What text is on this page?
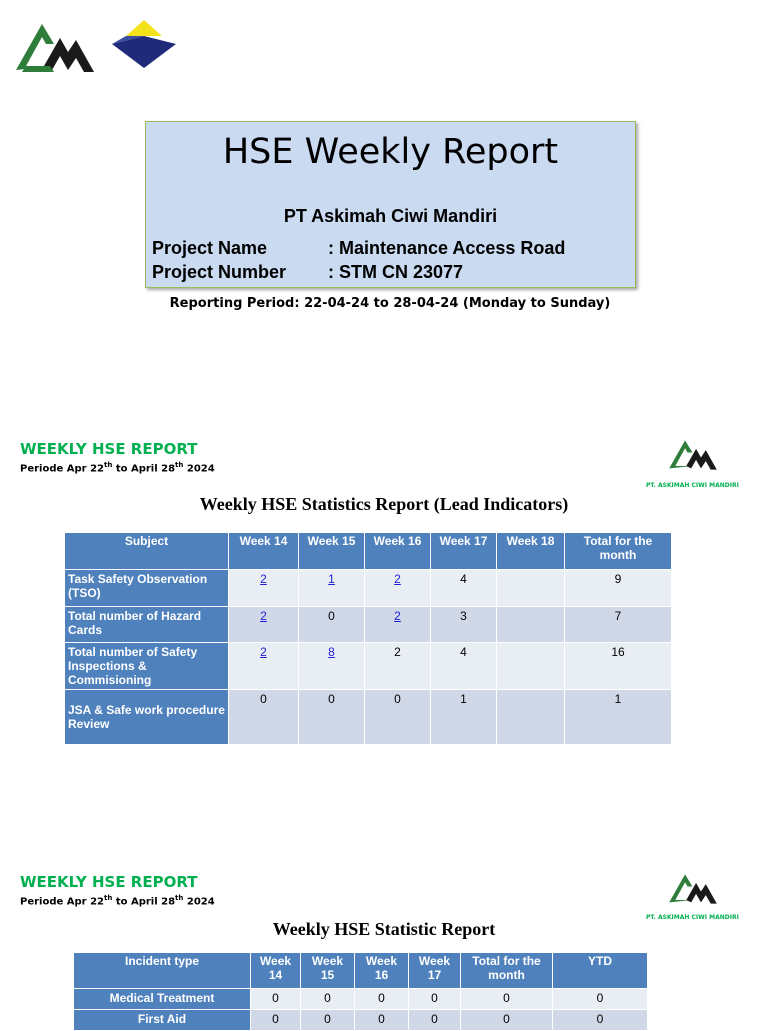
HSE Weekly Report
PT Askimah Ciwi Mandiri
Project Name	: Maintenance Access Road
Project Number : STM CN 23077
Reporting Period: 22-04-24 to 28-04-24 (Monday to Sunday)
WEEKLY HSE REPORT
Periode Apr 22th to April 28th 2024
PT. ASKIMAH CIWI MANDIRI
Weekly HSE Statistics Report (Lead Indicators)
Subject	Week 14	Week 15	Week 16	Week 17	Week 18	Total for the month
Task Safety Observation (TSO)	2	1	2	4		9
Total number of Hazard Cards	2	0	2	3		7
Total number of Safety Inspections & Commisioning	2	8	2	4		16
JSA & Safe work procedure Review	0	0	0	1		1
WEEKLY HSE REPORT
Periode Apr 22th to April 28th 2024
PT. ASKIMAH CIWI MANDIRI
Weekly HSE Statistic Report
Incident type	Week 14	Week 15	Week 16	Week 17	Total for the month	YTD
Medical Treatment	0	0	0	0	0	0
First Aid	0	0	0	0	0	0
